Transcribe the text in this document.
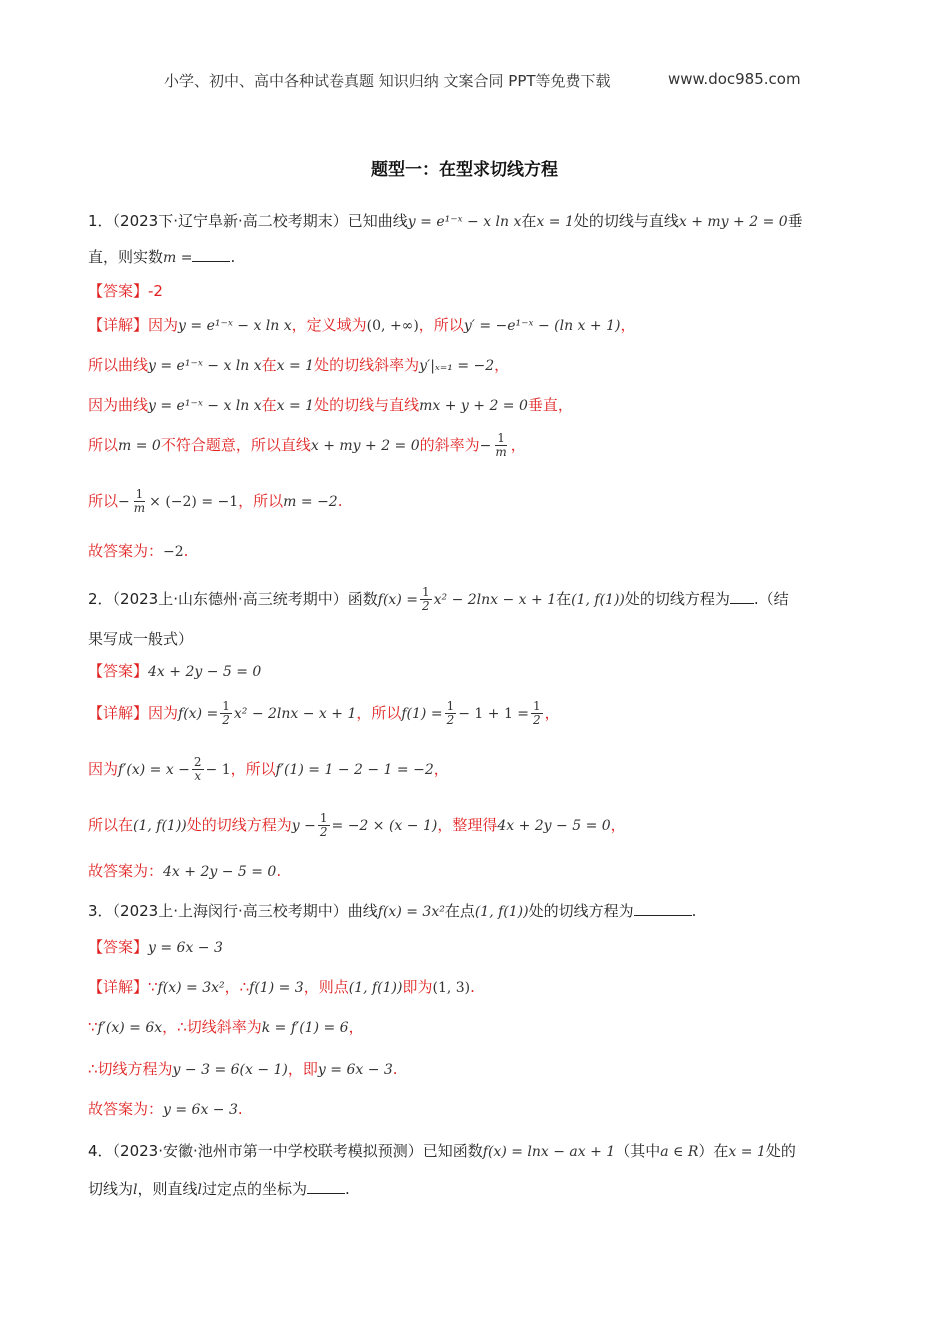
小学、初中、高中各种试卷真题 知识归纳 文案合同 PPT等免费下载	www.doc985.com
题型一：在型求切线方程
1．（2023下·辽宁阜新·高二校考期末）已知曲线y = e¹⁻ˣ − x ln x在x = 1处的切线与直线x + my + 2 = 0垂
直，则实数m =	.
【答案】-2
【详解】因为y = e¹⁻ˣ − x ln x，定义域为(0, +∞)，所以y′ = −e¹⁻ˣ − (ln x + 1)，
所以曲线y = e¹⁻ˣ − x ln x在x = 1处的切线斜率为y′|ₓ₌₁ = −2，
因为曲线y = e¹⁻ˣ − x ln x在x = 1处的切线与直线mx + y + 2 = 0垂直，
所以m = 0不符合题意，所以直线x + my + 2 = 0的斜率为− $\frac{1}{m}$ ，
所以− $\frac{1}{m} \times (-2) = -1$，所以m = −2.
故答案为：−2.
2．（2023上·山东德州·高三统考期中）函数$f(x) = \frac{1}{2} x^2 - 2\ln x - x + 1$在(1, f(1))处的切线方程为 .（结
果写成一般式）
【答案】4x + 2y − 5 = 0
【详解】因为$f(x) = \frac{1}{2} x^2 - 2\ln x - x + 1$，所以$f(1) = \frac{1}{2} - 1 + 1 = \frac{1}{2}$ ，
因为$f'(x) = x - \frac{2}{x} - 1$，所以f′(1) = 1 − 2 − 1 = −2，
所以在(1, f(1))处的切线方程为$y - \frac{1}{2} = -2 \times (x - 1)$，整理得4x + 2y − 5 = 0，
故答案为：4x + 2y − 5 = 0.
3．（2023上·上海闵行·高三校考期中）曲线f(x) = 3x²在点(1, f(1))处的切线方程为	.
【答案】y = 6x − 3
【详解】∵f(x) = 3x²，∴f(1) = 3，则点(1, f(1))即为(1, 3).
∵f′(x) = 6x，∴切线斜率为k = f′(1) = 6，
∴切线方程为y − 3 = 6(x − 1)，即y = 6x − 3.
故答案为：y = 6x − 3.
4．（2023·安徽·池州市第一中学校联考模拟预测）已知函数f(x) = lnx − ax + 1（其中a ∈ R）在x = 1处的
切线为l，则直线l过定点的坐标为	.
